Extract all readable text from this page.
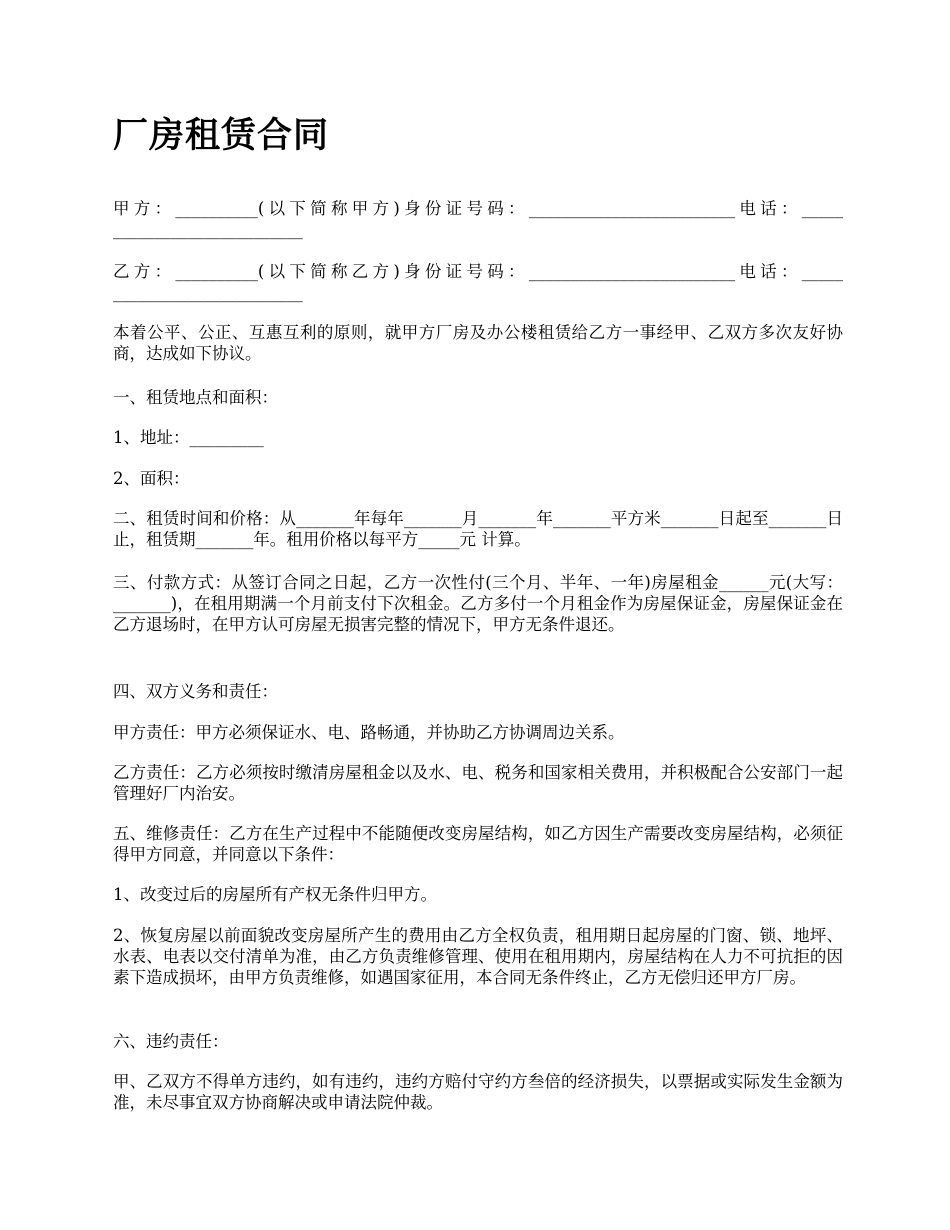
厂房租赁合同

甲方：__________(以下简称甲方)身份证号码：_________________________电话：_____ _______________________

乙方：__________(以下简称乙方)身份证号码：_________________________电话：_____ _______________________

本着公平、公正、互惠互利的原则，就甲方厂房及办公楼租赁给乙方一事经甲、乙双方多次友好协商，达成如下协议。

一、租赁地点和面积：

1、地址：_________

2、面积：

二、租赁时间和价格：从_______年每年_______月_______年_______平方米_______日起至_______日止，租赁期_______年。租用价格以每平方_____元 计算。

三、付款方式：从签订合同之日起，乙方一次性付(三个月、半年、一年)房屋租金______元(大写：_______)，在租用期满一个月前支付下次租金。乙方多付一个月租金作为房屋保证金，房屋保证金在乙方退场时，在甲方认可房屋无损害完整的情况下，甲方无条件退还。

四、双方义务和责任：

甲方责任：甲方必须保证水、电、路畅通，并协助乙方协调周边关系。

乙方责任：乙方必须按时缴清房屋租金以及水、电、税务和国家相关费用，并积极配合公安部门一起管理好厂内治安。

五、维修责任：乙方在生产过程中不能随便改变房屋结构，如乙方因生产需要改变房屋结构，必须征得甲方同意，并同意以下条件：

1、改变过后的房屋所有产权无条件归甲方。

2、恢复房屋以前面貌改变房屋所产生的费用由乙方全权负责，租用期日起房屋的门窗、锁、地坪、水表、电表以交付清单为准，由乙方负责维修管理、使用在租用期内，房屋结构在人力不可抗拒的因素下造成损坏，由甲方负责维修，如遇国家征用，本合同无条件终止，乙方无偿归还甲方厂房。

六、违约责任：

甲、乙双方不得单方违约，如有违约，违约方赔付守约方叁倍的经济损失，以票据或实际发生金额为准，未尽事宜双方协商解决或申请法院仲裁。
